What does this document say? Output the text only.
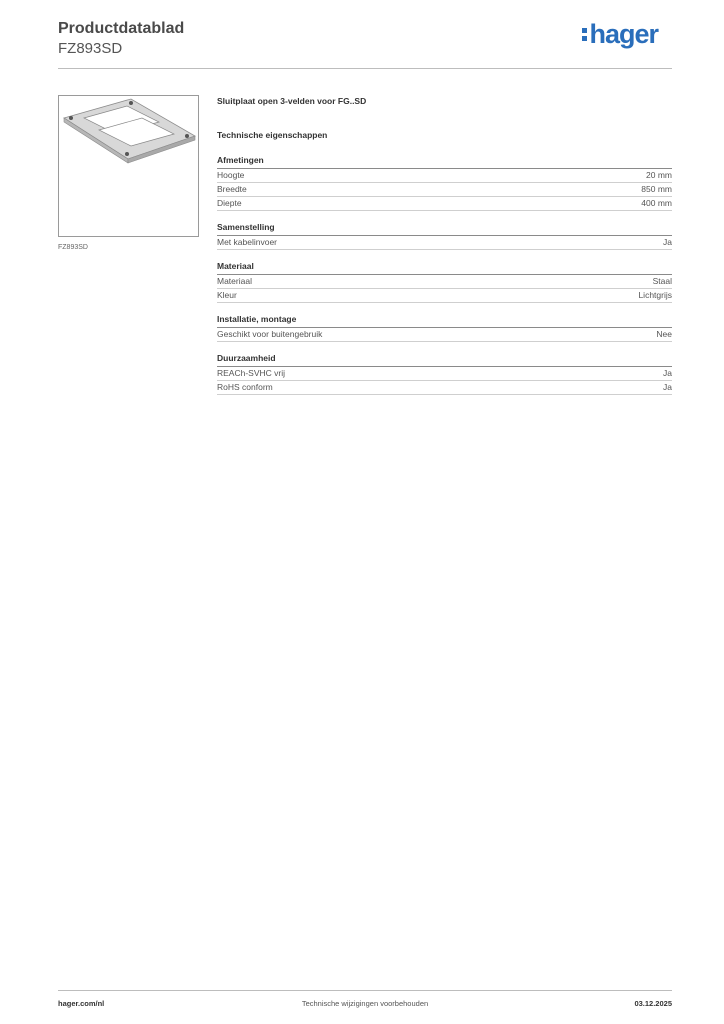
Productdatablad
FZ893SD	hager
FZ893SD
Sluitplaat open 3-velden voor FG..SD
Technische eigenschappen
Afmetingen
Hoogte	20 mm
Breedte	850 mm
Diepte	400 mm
Samenstelling
Met kabelinvoer	Ja
Materiaal
Materiaal	Staal
Kleur	Lichtgrijs
Installatie, montage
Geschikt voor buitengebruik	Nee
Duurzaamheid
REACh-SVHC vrij	Ja
RoHS conform	Ja
hager.com/nl	Technische wijzigingen voorbehouden	03.12.2025
